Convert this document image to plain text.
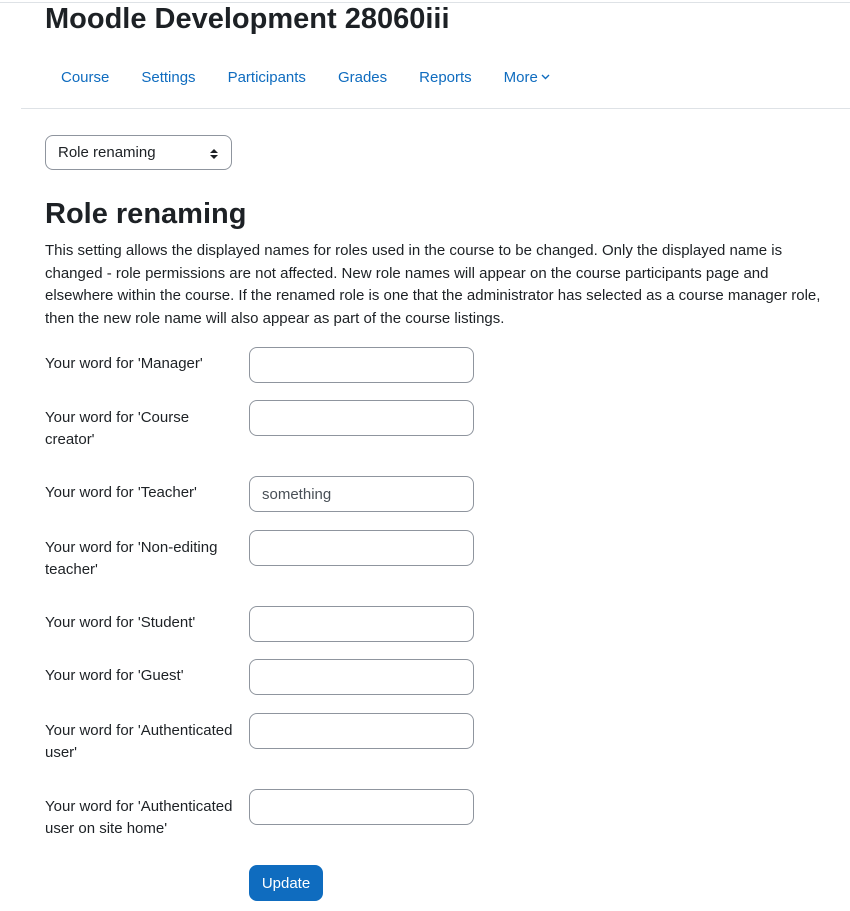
Moodle Development 28060iii
Course Settings Participants Grades Reports More
Role renaming
Role renaming

This setting allows the displayed names for roles used in the course to be changed. Only the displayed name is changed - role permissions are not affected. New role names will appear on the course participants page and elsewhere within the course. If the renamed role is one that the administrator has selected as a course manager role, then the new role name will also appear as part of the course listings.

Your word for 'Manager'
Your word for 'Course creator'
Your word for 'Teacher'
something
Your word for 'Non-editing teacher'
Your word for 'Student'
Your word for 'Guest'
Your word for 'Authenticated user'
Your word for 'Authenticated user on site home'
Update
